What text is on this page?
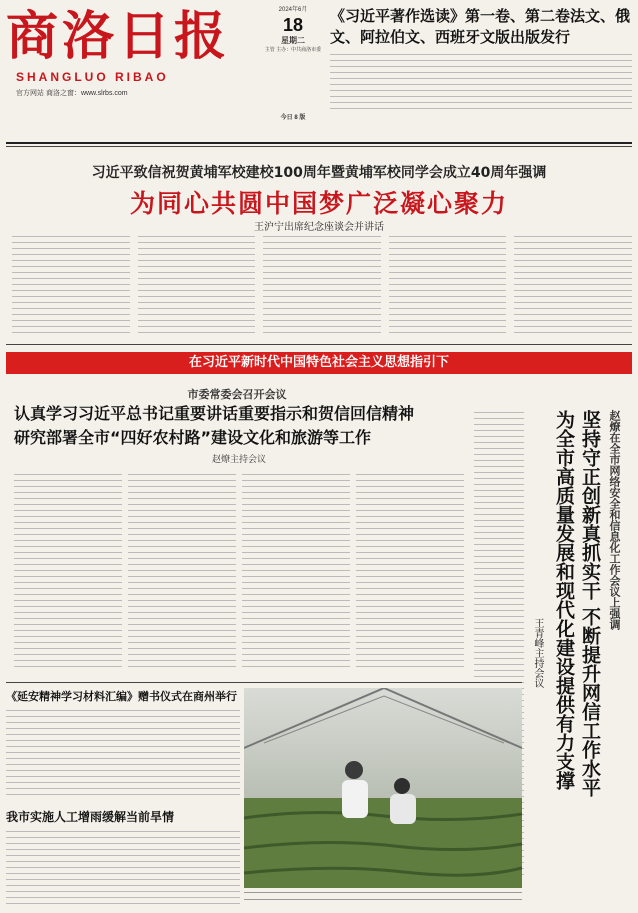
商洛日报
SHANGLUO RIBAO
官方网站 商洛之窗：www.slrbs.com
2024年6月
18
星期二
主管 主办：中共商洛市委
今日 8 版
《习近平著作选读》第一卷、第二卷法文、俄文、阿拉伯文、西班牙文版出版发行
习近平致信祝贺黄埔军校建校100周年暨黄埔军校同学会成立40周年强调
为同心共圆中国梦广泛凝心聚力
王沪宁出席纪念座谈会并讲话
在习近平新时代中国特色社会主义思想指引下
市委常委会召开会议
认真学习习近平总书记重要讲话重要指示和贺信回信精神
研究部署全市“四好农村路”建设文化和旅游等工作
赵燎主持会议	赵燎在全市网络安全和信息化工作会议上强调
坚持守正创新真抓实干 不断提升网信工作水平
为全市高质量发展和现代化建设提供有力支撑
王青峰主持会议
《延安精神学习材料汇编》赠书仪式在商州举行
我市实施人工增雨缓解当前旱情
